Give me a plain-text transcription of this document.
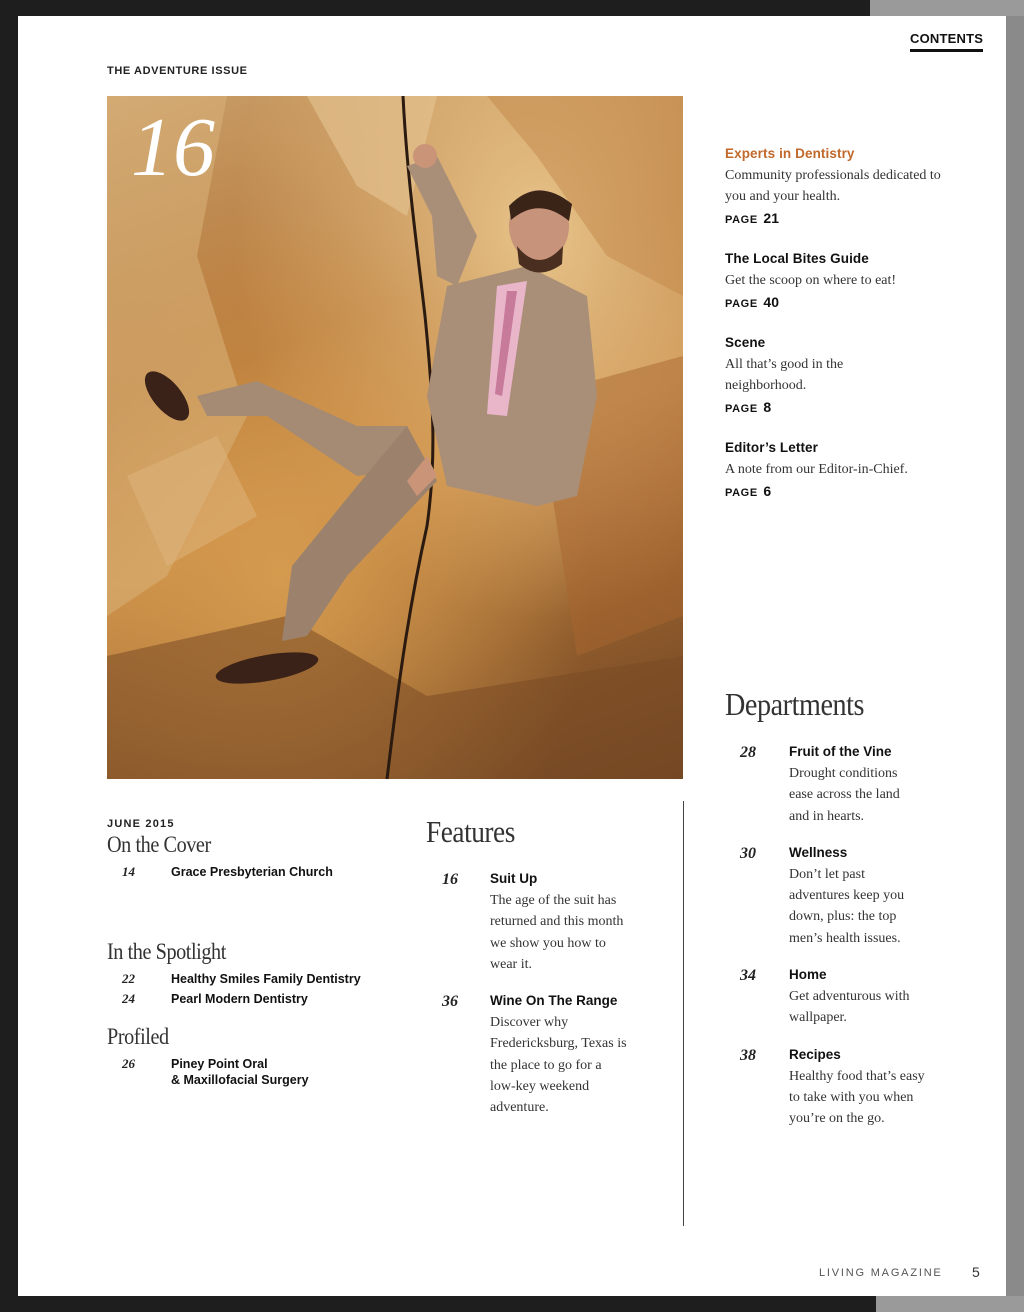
CONTENTS
THE ADVENTURE ISSUE
16	Experts in Dentistry
Community professionals dedicated to you and your health.
PAGE 21
The Local Bites Guide
Get the scoop on where to eat!
PAGE 40
Scene
All that’s good in the neighborhood.
PAGE 8
Editor’s Letter
A note from our Editor-in-Chief.
PAGE 6
Departments
28	Fruit of the Vine
Drought conditions ease across the land and in hearts.
30	Wellness
Don’t let past adventures keep you down, plus: the top men’s health issues.
34	Home
Get adventurous with wallpaper.
38	Recipes
Healthy food that’s easy to take with you when you’re on the go.
Features
16	Suit Up
The age of the suit has returned and this month we show you how to wear it.
36	Wine On The Range
Discover why Fredericksburg, Texas is the place to go for a low-key weekend adventure.
JUNE 2015
On the Cover
14	Grace Presbyterian Church
In the Spotlight
22	Healthy Smiles Family Dentistry
24	Pearl Modern Dentistry
Profiled
26	Piney Point Oral
& Maxillofacial Surgery
LIVING MAGAZINE 5
